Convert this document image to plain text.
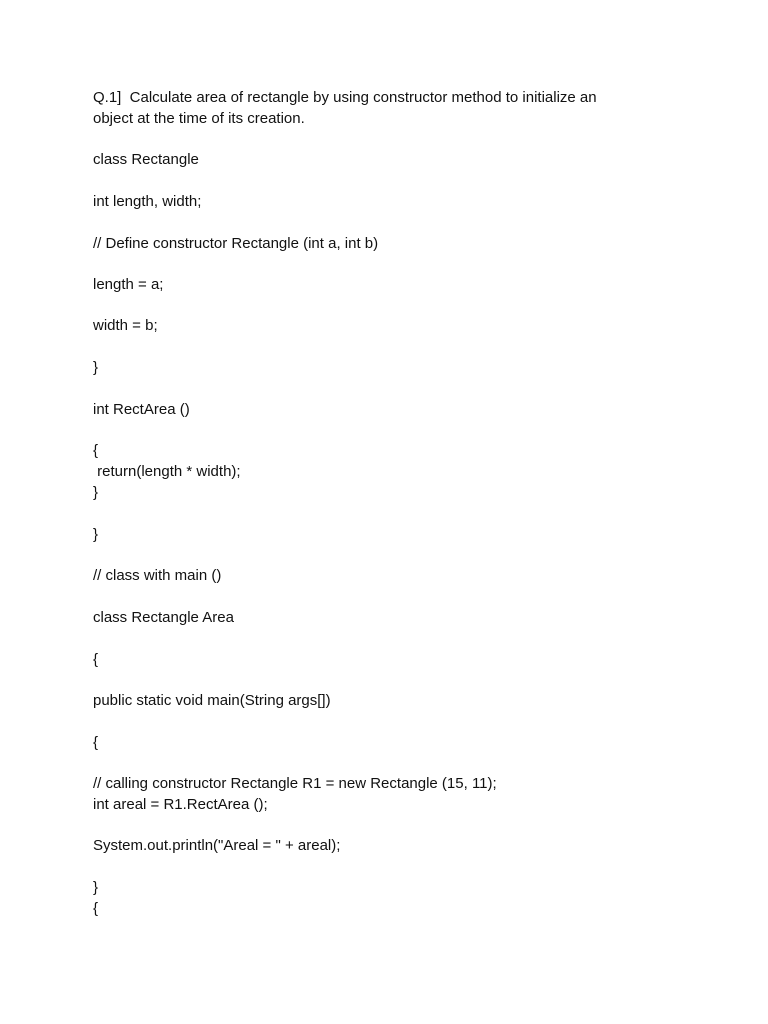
Q.1]  Calculate area of rectangle by using constructor method to initialize an

object at the time of its creation.

class Rectangle

int length, width;

// Define constructor Rectangle (int a, int b)

length = a;

width = b;

}

int RectArea ()

{

return(length * width);

}

}

// class with main ()

class Rectangle Area

{

public static void main(String args[])

{

// calling constructor Rectangle R1 = new Rectangle (15, 11);

int areal = R1.RectArea ();

System.out.println("Areal = " + areal);

}

{
